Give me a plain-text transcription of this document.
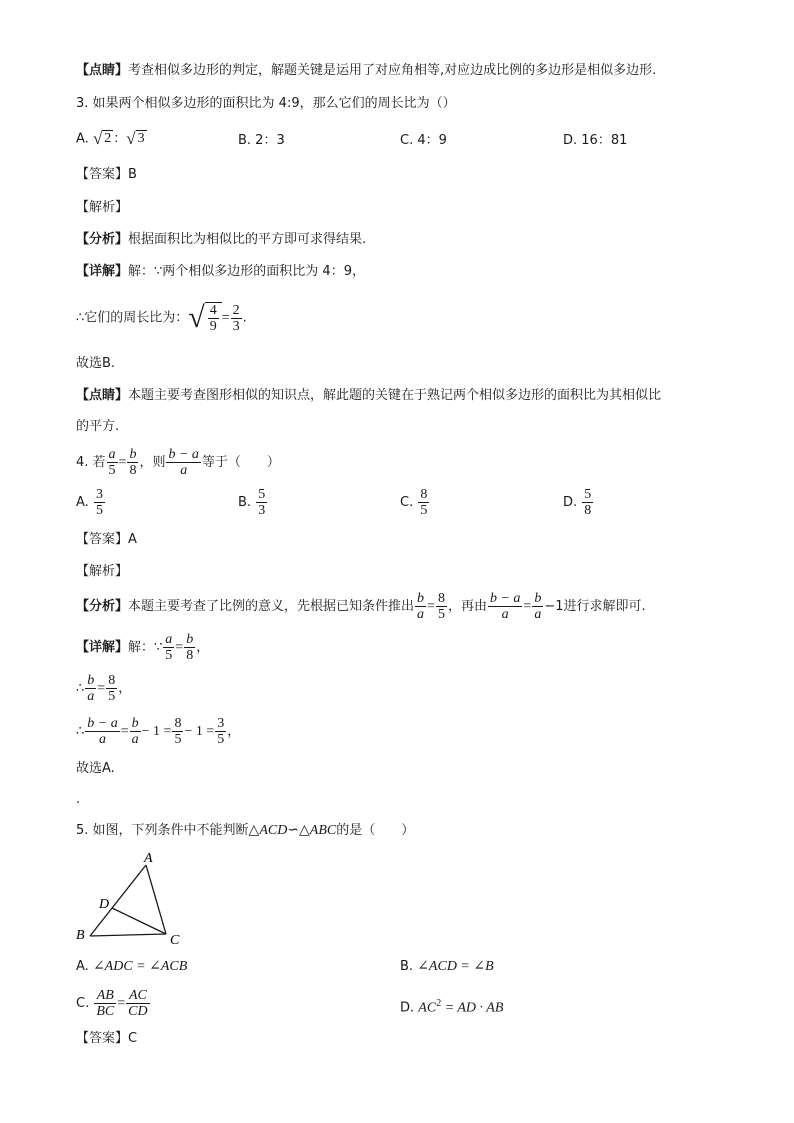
【点睛】考查相似多边形的判定，解题关键是运用了对应角相等,对应边成比例的多边形是相似多边形.
3. 如果两个相似多边形的面积比为 4:9，那么它们的周长比为（）
A. √ 2 ：√ 3	B. 2：3	C. 4：9	D. 16：81
【答案】B
【解析】
【分析】根据面积比为相似比的平方即可求得结果.
【详解】解：∵两个相似多边形的面积比为 4：9，
∴它们的周长比为：√ $\frac{4}{9} = \frac{2}{3}$ .
故选B.
【点睛】本题主要考查图形相似的知识点，解此题的关键在于熟记两个相似多边形的面积比为其相似比
的平方.
4. 若 $\frac{a}{5} = \frac{b}{8}$ ，则 $\frac{b - a}{a}$ 等于（　　）
A. $\frac{3}{5}$	B. $\frac{5}{3}$	C. $\frac{8}{5}$	D. $\frac{5}{8}$
【答案】A
【解析】
【分析】本题主要考查了比例的意义，先根据已知条件推出 $\frac{b}{a} = \frac{8}{5}$ ，再由 $\frac{b - a}{a} = \frac{b}{a} -1$进行求解即可.
【详解】解：∵ $\frac{a}{5} = \frac{b}{8}$ ，
∴ $\frac{b}{a} = \frac{8}{5}$ ，
∴ $\frac{b - a}{a} = \frac{b}{a} - 1 = \frac{8}{5} - 1 = \frac{3}{5}$ ，
故选A.
.
5. 如图，下列条件中不能判断△ACD∽△ABC的是（　　）
A
D
B	C
A. ∠ADC = ∠ACB	B. ∠ACD = ∠B
C. $\frac{AB}{BC} = \frac{AC}{CD}$	D. $AC^2$ = AD · AB
【答案】C
